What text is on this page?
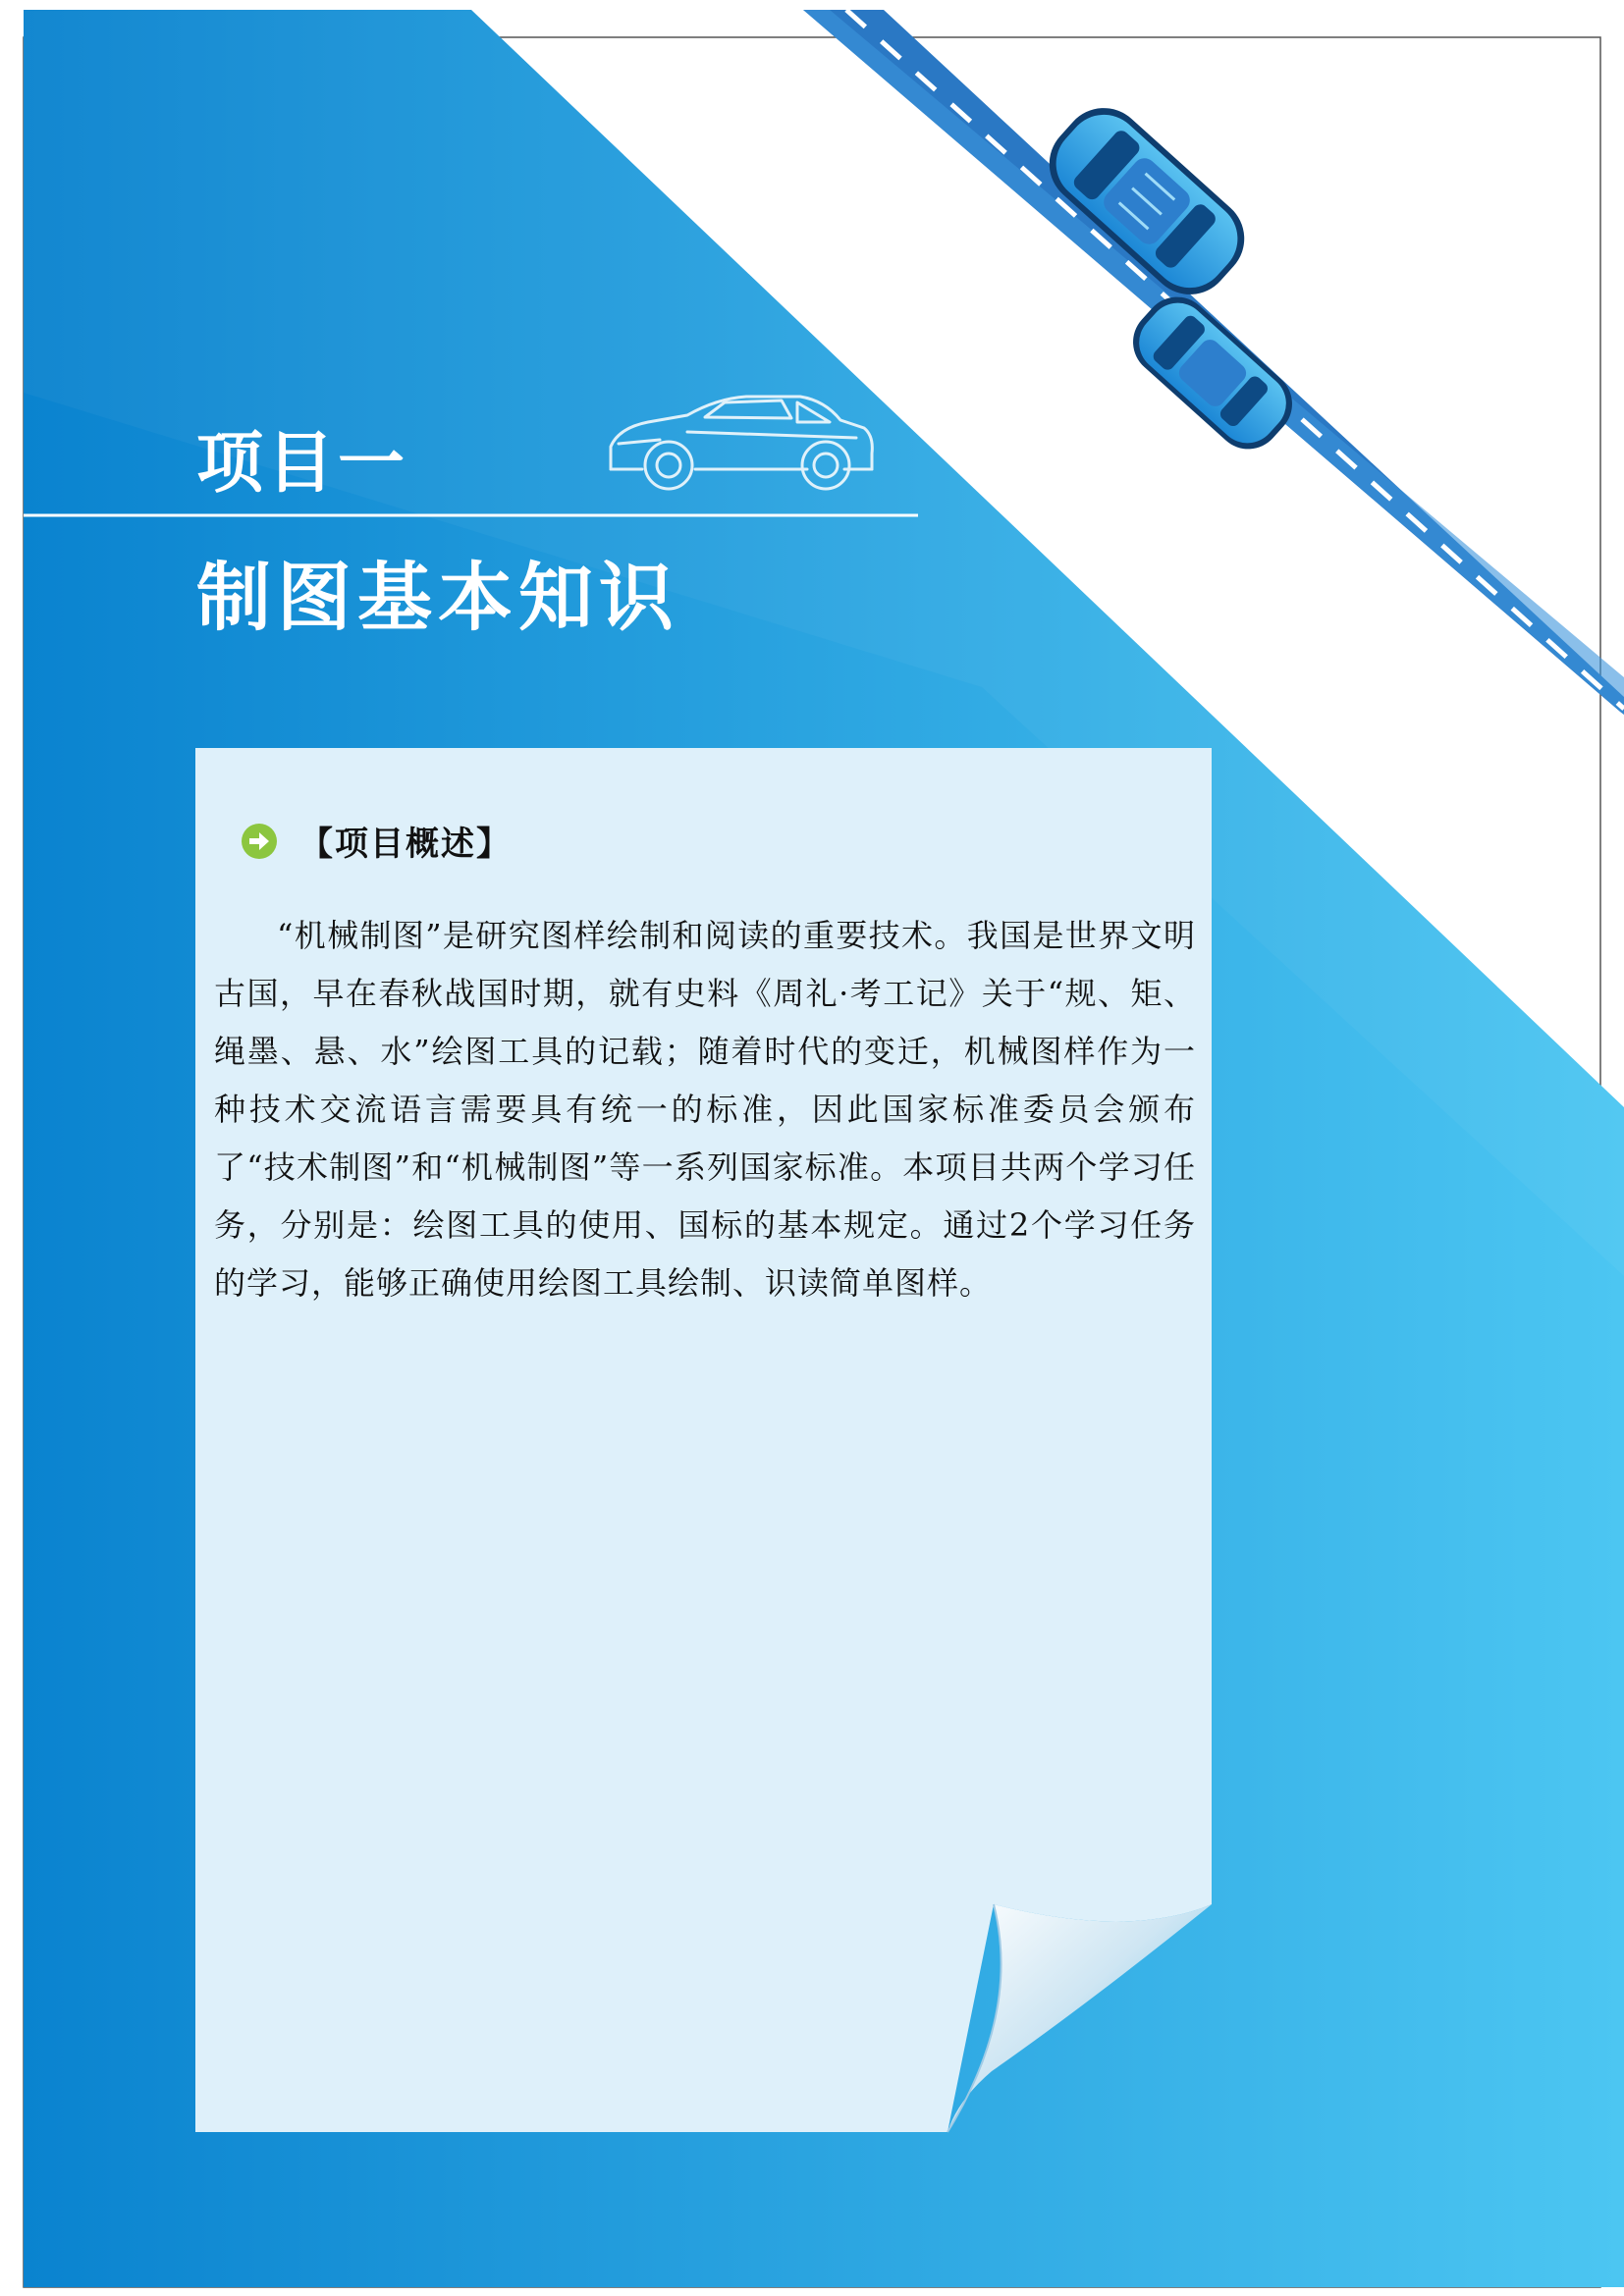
项目一
制图基本知识
【项目概述】

“机械制图”是研究图样绘制和阅读的重要技术。我国是世界文明古国，早在春秋战国时期，就有史料《周礼·考工记》关于“规、矩、绳墨、悬、水”绘图工具的记载；随着时代的变迁，机械图样作为一种技术交流语言需要具有统一的标准，因此国家标准委员会颁布了“技术制图”和“机械制图”等一系列国家标准。本项目共两个学习任务，分别是：绘图工具的使用、国标的基本规定。通过2个学习任务的学习，能够正确使用绘图工具绘制、识读简单图样。
